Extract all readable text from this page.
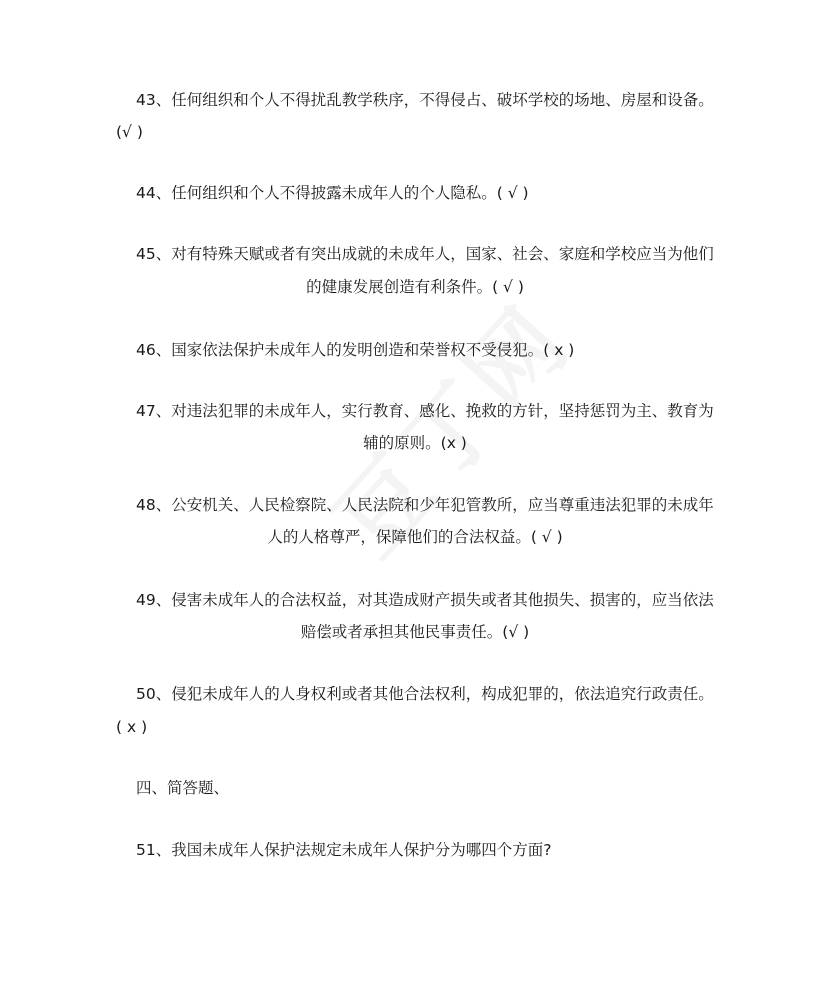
43、任何组织和个人不得扰乱教学秩序，不得侵占、破坏学校的场地、房屋和设备。
(√ )
44、任何组织和个人不得披露未成年人的个人隐私。( √ )
45、对有特殊天赋或者有突出成就的未成年人，国家、社会、家庭和学校应当为他们
的健康发展创造有利条件。( √ )
46、国家依法保护未成年人的发明创造和荣誉权不受侵犯。( x )
47、对违法犯罪的未成年人，实行教育、感化、挽救的方针，坚持惩罚为主、教育为
辅的原则。(x )
48、公安机关、人民检察院、人民法院和少年犯管教所，应当尊重违法犯罪的未成年
人的人格尊严，保障他们的合法权益。( √ )
49、侵害未成年人的合法权益，对其造成财产损失或者其他损失、损害的，应当依法
赔偿或者承担其他民事责任。(√ )
50、侵犯未成年人的人身权利或者其他合法权利，构成犯罪的，依法追究行政责任。
( x )
四、简答题、
51、我国未成年人保护法规定未成年人保护分为哪四个方面?
